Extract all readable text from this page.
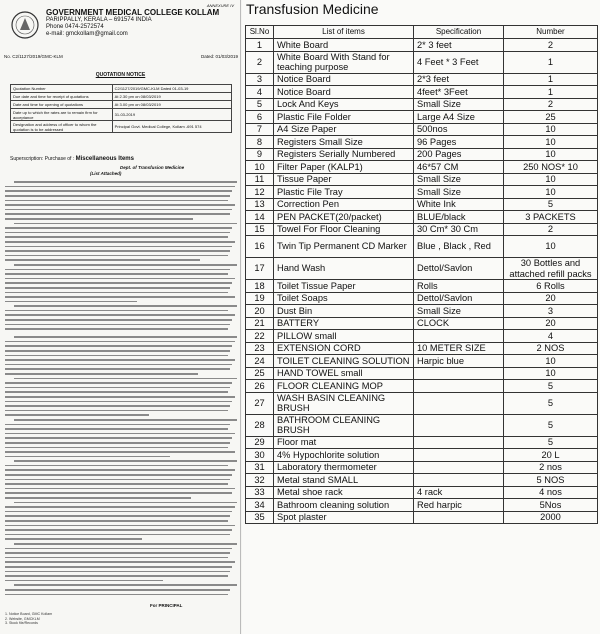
ANNEXURE IV
GOVERNMENT MEDICAL COLLEGE KOLLAM
PARIPPALLY, KERALA – 691574 INDIA
Phone 0474-2572574
e-mail: gmckollam@gmail.com
No. C2/1127/2019/GMC-KLM	Dated: 01/03/2019
QUOTATION NOTICE
Quotation Number	C2/1127/2019/GMC-KLM Dated 01-03-19
Due date and time for receipt of quotations	At 2.30 pm on 08/03/2019
Date and time for opening of quotations	At 3.00 pm on 08/03/2019
Date up to which the rates are to remain firm for acceptance	31-03-2019
Designation and address of officer to whom the quotation is to be addressed	Principal Govt. Medical College, Kollam -691 574
Superscription: Purchase of : Miscellaneous Items
Dept. of Transfusion Medicine
(List Attached)
For PRINCIPAL
1. Notice Board, GMC Kollam
2. Website, GMCKLM
3. Stock file/Records
Transfusion Medicine
Sl.No	List of items	Specification	Number
1	White Board	2* 3 feet	2
2	White Board With Stand for teaching purpose	4 Feet * 3 Feet	1
3	Notice Board	2*3 feet	1
4	Notice Board	4feet* 3Feet	1
5	Lock And Keys	Small Size	2
6	Plastic File Folder	Large A4 Size	25
7	A4 Size Paper	500nos	10
8	Registers Small Size	96 Pages	10
9	Registers Serially Numbered	200 Pages	10
10	Filter Paper (KALP1)	46*57 CM	250 NOS* 10
11	Tissue Paper	Small Size	10
12	Plastic File Tray	Small Size	10
13	Correction Pen	White Ink	5
14	PEN PACKET(20/packet)	BLUE/black	3 PACKETS
15	Towel For Floor Cleaning	30 Cm* 30 Cm	2
16	Twin Tip Permanent CD Marker	Blue , Black , Red	10
17	Hand Wash	Dettol/Savlon	30 Bottles and attached refill packs
18	Toilet Tissue Paper	Rolls	6 Rolls
19	Toilet Soaps	Dettol/Savlon	20
20	Dust Bin	Small Size	3
21	BATTERY	CLOCK	20
22	PILLOW small		4
23	EXTENSION CORD	10 METER SIZE	2 NOS
24	TOILET CLEANING SOLUTION	Harpic blue	10
25	HAND TOWEL small		10
26	FLOOR CLEANING MOP		5
27	WASH BASIN CLEANING BRUSH		5
28	BATHROOM CLEANING BRUSH		5
29	Floor mat		5
30	4% Hypochlorite solution		20 L
31	Laboratory thermometer		2 nos
32	Metal stand SMALL		5 NOS
33	Metal shoe rack	4 rack	4 nos
34	Bathroom cleaning solution	Red harpic	5Nos
35	Spot plaster		2000
